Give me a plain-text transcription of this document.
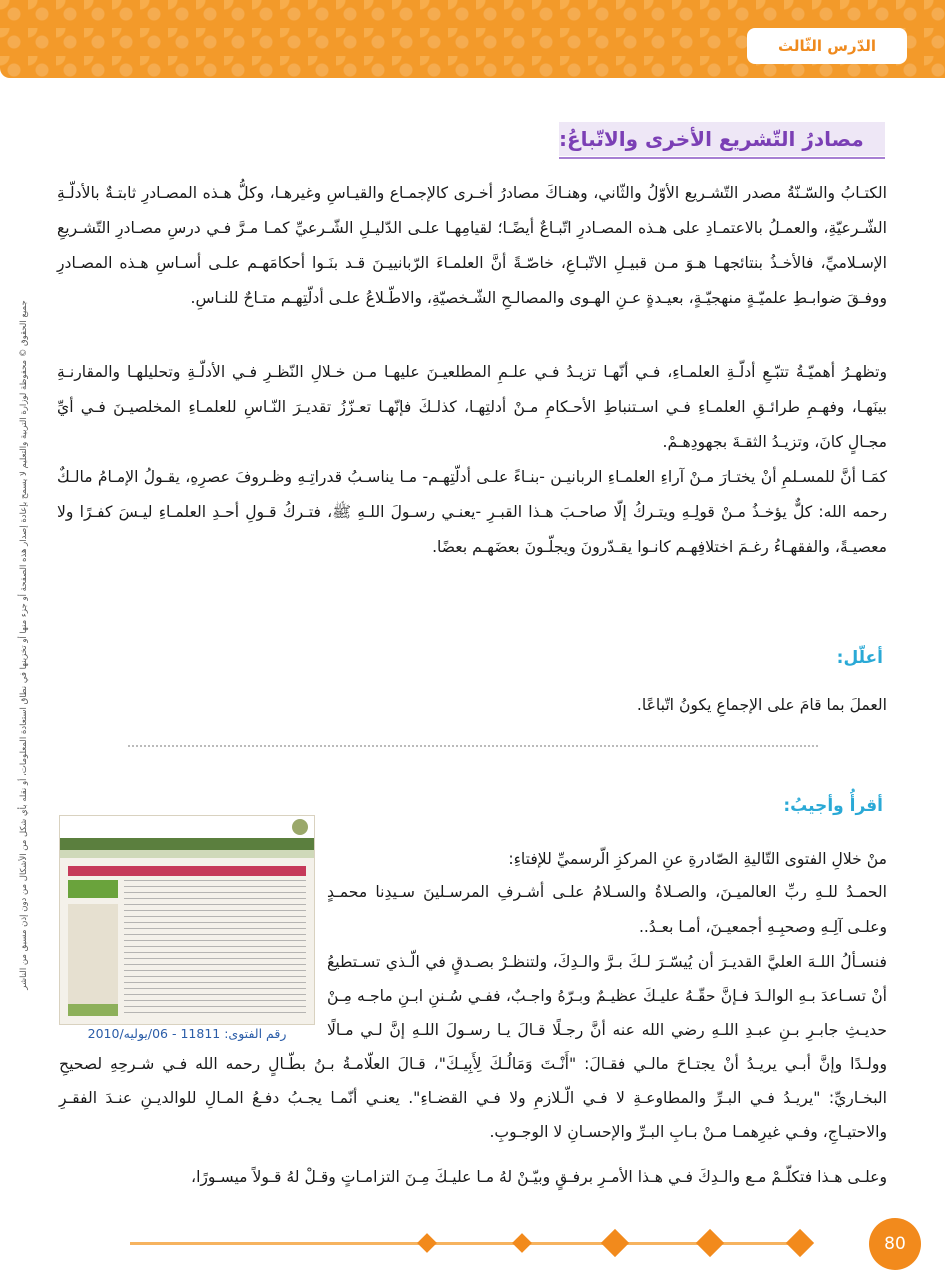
الدّرس الثّالث
مصادرُ التّشريع الأخرى والاتّباعُ:
الكتـابُ والسّـنّةُ مصدر التّشـريع الأوّلُ والثّاني، وهنـاكَ مصادرُ أخـرى كالإجمـاع والقيـاسِ وغيرهـا، وكلُّ هـذه المصـادرِ ثابتـةٌ بالأدلّـةِ الشّـرعيّةِ، والعمـلُ بالاعتمـادِ على هـذه المصـادرِ اتّبـاعٌ أيضًـا؛ لقيامِهـا علـى الدّليـلِ الشّـرعيِّ كمـا مـرَّ فـي درسِ مصـادرِ التّشـريعِ الإسـلاميِّ، فالأخـذُ بنتائجهـا هـوَ مـن قبيـلِ الاتّبـاعِ، خاصّـةً أنَّ العلمـاءَ الرّبانييـنَ قـد بنَـوا أحكامَهـم علـى أسـاسِ هـذه المصـادرِ ووفـقَ ضوابـطِ علميّـةٍ منهجيّـةٍ، بعيـدةٍ عـنِ الهـوى والمصالـحِ الشّـخصيّةِ، والاطّـلاعُ علـى أدلّتِهـم متـاحٌ للنـاسِ.
وتظهـرُ أهميّـةُ تتبّـعِ أدلّـةِ العلمـاءِ، فـي أنّهـا تزيـدُ فـي علـمِ المطلعيـنَ عليهـا مـن خـلالِ النّظـرِ فـي الأدلّـةِ وتحليلهـا والمقارنـةِ بينَهـا، وفهـمِ طرائـقِ العلمـاءِ فـي اسـتنباطِ الأحـكامِ مـنْ أدلتِهـا، كذلـكَ فإنّهـا تعـزّزُ تقديـرَ النّـاسِ للعلمـاءِ المخلصيـنَ فـي أيِّ مجـالٍ كانَ، وتزيـدُ الثقـةَ بجهودِهـمْ.
كمَـا أنَّ للمسـلمِ أنْ يختـارَ مـنْ آراءِ العلمـاءِ الربانيـن -بنـاءً علـى أدلّتِهـم- مـا يناسـبُ قدراتِـهِ وظـروفَ عصرِهِ، يقـولُ الإمـامُ مالـكٌ رحمه الله: كلٌّ يؤخـذُ مـنْ قولِـهِ ويتـركُ إلّا صاحـبَ هـذا القبـرِ -يعنـي رسـولَ اللـهِ ﷺ، فتـركُ قـولِ أحـدِ العلمـاءِ ليـسَ كفـرًا ولا معصيـةً، والفقهـاءُ رغـمَ اختلافِهـم كانـوا يقـدّرونَ ويجلّـونَ بعضَهـم بعضًا.
جميع الحقوق © محفوظة لوزارة التربية والتعليم لا يسمح بإعادة إصدار هذه الصفحة أو جزء منها أو تخزينها في نطاق استعادة المعلومات، أو نقله بأي شكل من الأشكال من دون إذن مسبق من الناشر	أعلّل:
العملَ بما قامَ على الإجماعِ يكونُ اتّباعًا.
أقرأُ وأجيبُ:
رقم الفتوى: 11811 - 06/يوليه/2010
منْ خلالِ الفتوى التّاليةِ الصّادرةِ عنِ المركزِ الّرسميِّ للإفتاءِ:
الحمـدُ للـهِ ربِّ العالميـنَ، والصـلاةُ والسـلامُ علـى أشـرفِ المرسـلينَ سـيدِنا محمـدٍ وعلـى آلِـهِ وصحبِـهِ أجمعيـنَ، أمـا بعـدُ..
فنسـألُ اللـهَ العليَّ القديـرَ أن يُيسّـرَ لـكَ بـرَّ والـدِكَ، ولتنظـرْ بصـدقٍ في الّـذي تسـتطيعُ أنْ تسـاعدَ بـهِ الوالـدَ فـإنَّ حقّـهُ عليـكَ عظيـمٌ وبـرّهُ واجـبٌ، ففـي سُـننِ ابـنِ ماجـه مِـنْ حديـثِ جابـرِ بـنِ عبـدِ اللـهِ رضي الله عنه أنَّ رجـلًا قـالَ يـا رسـولَ اللـهِ إنَّ لـي مـالًا وولـدًا وإنَّ أبـي يريـدُ أنْ يجتـاحَ مالـي فقـالَ: "أَنْـتَ وَمَالُـكَ لِأَبِيـكَ"، قـالَ العلّامـةُ بـنُ بطّـالٍ رحمه الله فـي شـرحِهِ لصحيحِ البخـاريِّ: "يريـدُ فـي البـرِّ والمطاوعـةِ لا فـي الّـلازمِ ولا فـي القضـاءِ". يعنـي أنّمـا يجـبُ دفـعُ المـالِ للوالديـنِ عنـدَ الفقـرِ والاحتيـاجِ، وفـي غيرِهمـا مـنْ بـابِ البـرِّ والإحسـانِ لا الوجـوبِ.
وعلـى هـذا فتكلّـمْ مـع والـدِكَ فـي هـذا الأمـرِ برفـقٍ وبيّـنْ لهُ مـا عليـكَ مِـنَ التزامـاتٍ وقـلْ لهُ قـولاً ميسـورًا،
80
